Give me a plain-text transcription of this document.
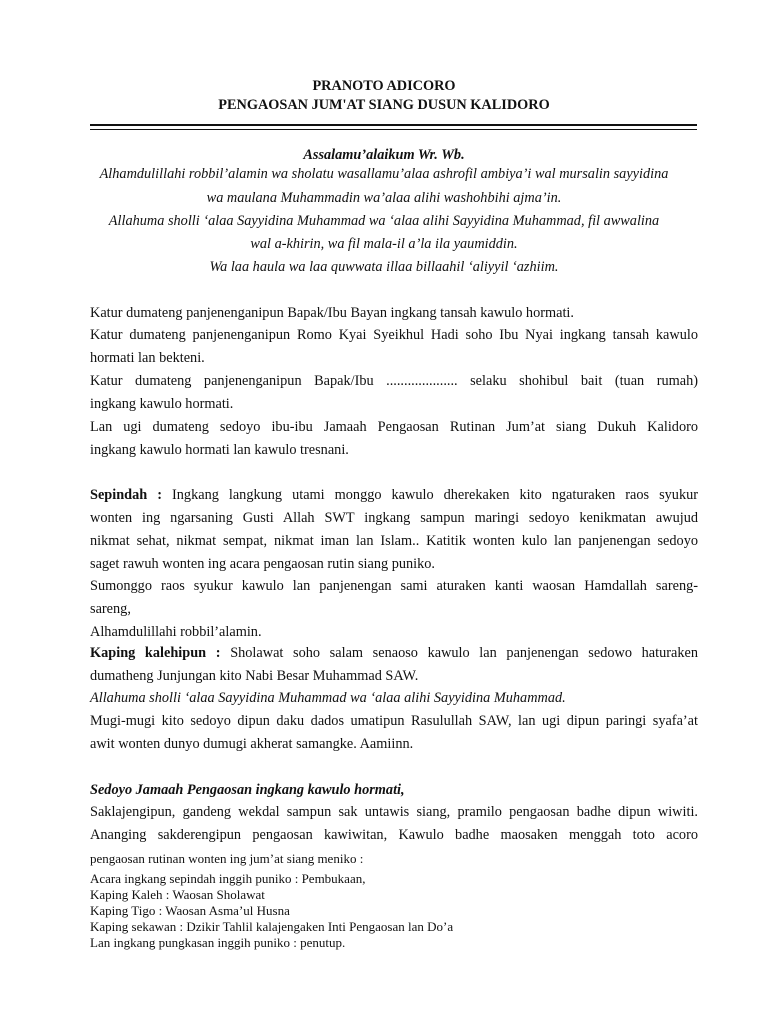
PRANOTO ADICORO
PENGAOSAN JUM'AT SIANG DUSUN KALIDORO
Assalamu’alaikum Wr. Wb.
Alhamdulillahi robbil’alamin wa sholatu wasallamu’alaa ashrofil ambiya’i wal mursalin sayyidina
wa maulana Muhammadin wa’alaa alihi washohbihi ajma’in.
Allahuma sholli ‘alaa Sayyidina Muhammad wa ‘alaa alihi Sayyidina Muhammad, fil awwalina
wal a-khirin, wa fil mala-il a’la ila yaumiddin.
Wa laa haula wa laa quwwata illaa billaahil ‘aliyyil ‘azhiim.
Katur dumateng panjenenganipun Bapak/Ibu Bayan ingkang tansah kawulo hormati.
Katur dumateng panjenenganipun Romo Kyai Syeikhul Hadi soho Ibu Nyai ingkang tansah kawulo
hormati lan bekteni.
Katur dumateng panjenenganipun Bapak/Ibu .................... selaku shohibul bait (tuan rumah)
ingkang kawulo hormati.
Lan ugi dumateng sedoyo ibu-ibu Jamaah Pengaosan Rutinan Jum’at siang Dukuh Kalidoro
ingkang kawulo hormati lan kawulo tresnani.
Sepindah : Ingkang langkung utami monggo kawulo dherekaken kito ngaturaken raos syukur
wonten ing ngarsaning Gusti Allah SWT ingkang sampun maringi sedoyo kenikmatan awujud
nikmat sehat, nikmat sempat, nikmat iman lan Islam.. Katitik wonten kulo lan panjenengan sedoyo
saget rawuh wonten ing acara pengaosan rutin siang puniko.
Sumonggo raos syukur kawulo lan panjenengan sami aturaken kanti waosan Hamdallah sareng-
sareng,
Alhamdulillahi robbil’alamin.
Kaping kalehipun : Sholawat soho salam senaoso kawulo lan panjenengan sedowo haturaken
dumatheng Junjungan kito Nabi Besar Muhammad SAW.
Allahuma sholli ‘alaa Sayyidina Muhammad wa ‘alaa alihi Sayyidina Muhammad.
Mugi-mugi kito sedoyo dipun daku dados umatipun Rasulullah SAW, lan ugi dipun paringi syafa’at
awit wonten dunyo dumugi akherat samangke. Aamiinn.
Sedoyo Jamaah Pengaosan ingkang kawulo hormati,
Saklajengipun, gandeng wekdal sampun sak untawis siang, pramilo pengaosan badhe dipun wiwiti.
Ananging sakderengipun pengaosan kawiwitan, Kawulo badhe maosaken menggah toto acoro
pengaosan rutinan wonten ing jum’at siang meniko :
Acara ingkang sepindah inggih puniko : Pembukaan,
Kaping Kaleh : Waosan Sholawat
Kaping Tigo : Waosan Asma’ul Husna
Kaping sekawan : Dzikir Tahlil kalajengaken Inti Pengaosan lan Do’a
Lan ingkang pungkasan inggih puniko : penutup.
